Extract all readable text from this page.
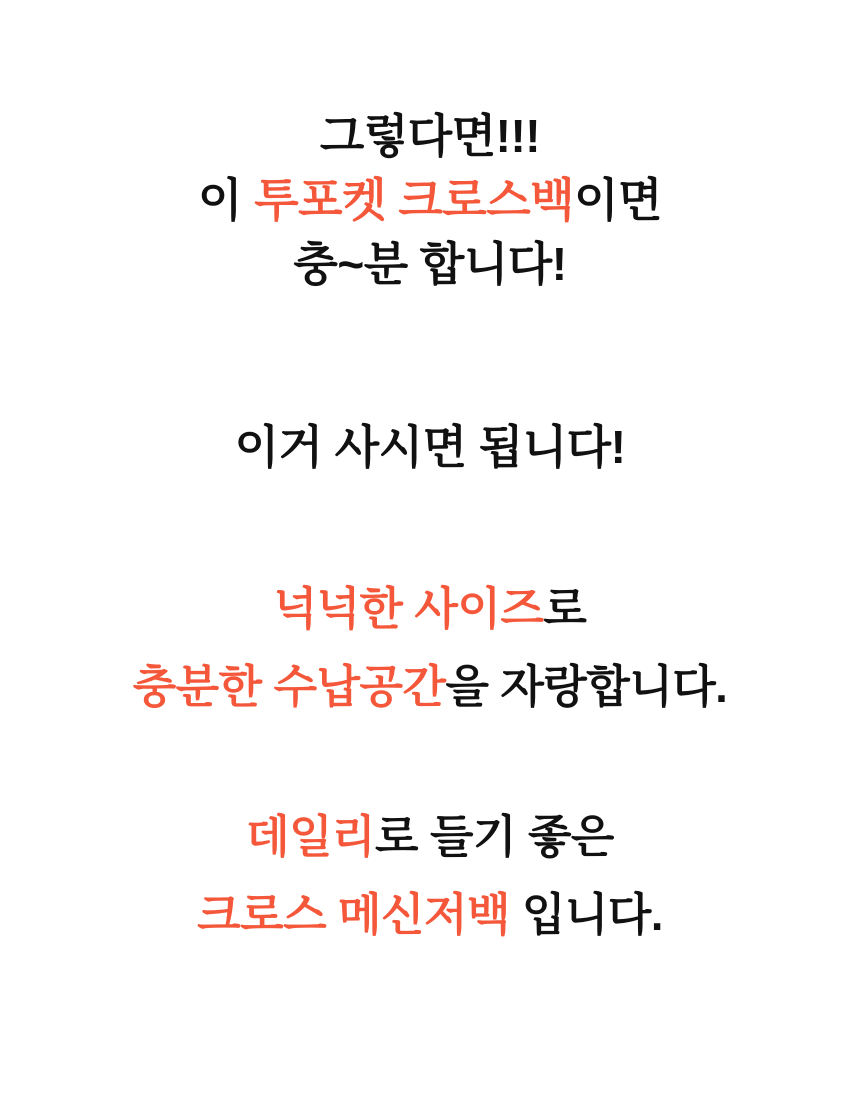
그렇다면!!!
이 투포켓 크로스백이면
충~분 합니다!
이거 사시면 됩니다!
넉넉한 사이즈로
충분한 수납공간을 자랑합니다.
데일리로 들기 좋은
크로스 메신저백 입니다.
